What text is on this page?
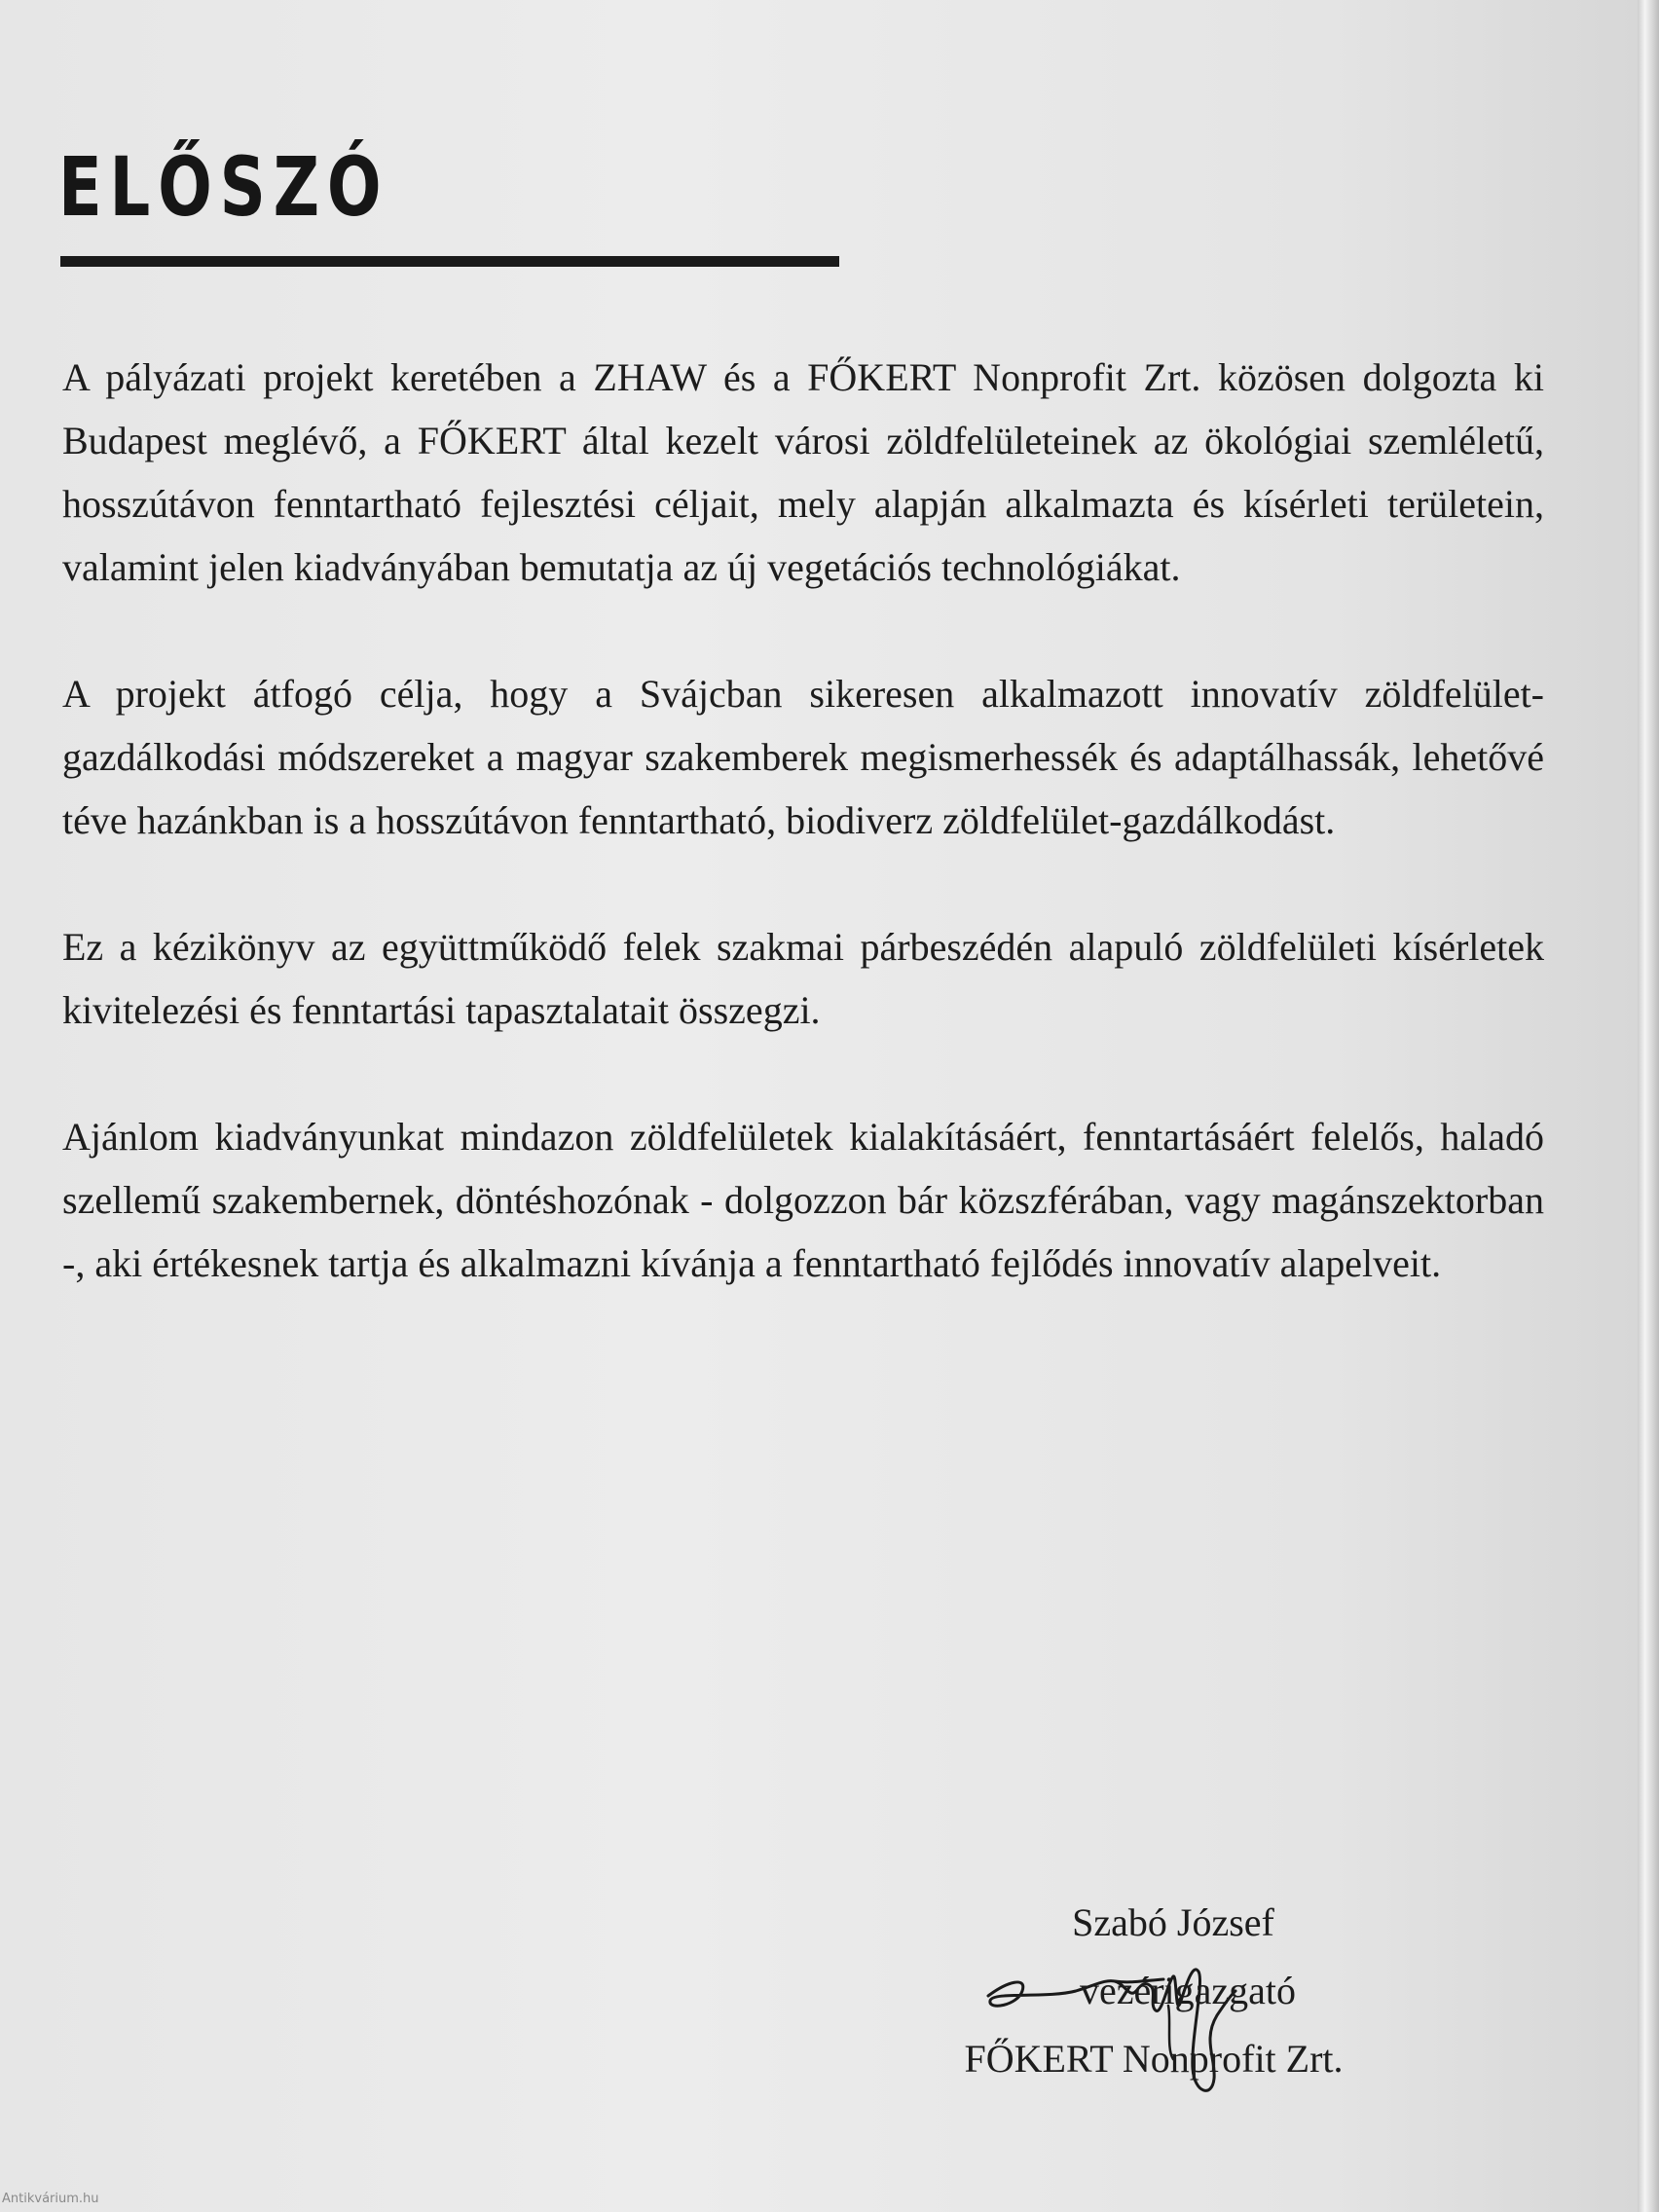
ELŐSZÓ

A pályázati projekt keretében a ZHAW és a FŐKERT Nonprofit Zrt. közösen dolgozta ki Budapest meglévő, a FŐKERT által kezelt városi zöldfelületeinek az ökológiai szemléletű, hosszútávon fenntartható fejlesztési céljait, mely alapján alkalmazta és kísérleti területein, valamint jelen kiadványában bemutatja az új vegetációs technológiákat.

A projekt átfogó célja, hogy a Svájcban sikeresen alkalmazott innovatív zöldfelület-gazdálkodási módszereket a magyar szakemberek megismerhessék és adaptálhassák, lehetővé téve hazánkban is a hosszútávon fenntartható, biodiverz zöldfelület-gazdálkodást.

Ez a kézikönyv az együttműködő felek szakmai párbeszédén alapuló zöldfelületi kísérletek kivitelezési és fenntartási tapasztalatait összegzi.

Ajánlom kiadványunkat mindazon zöldfelületek kialakításáért, fenntartásáért felelős, haladó szellemű szakembernek, döntéshozónak - dolgozzon bár közszférában, vagy magánszektorban -, aki értékesnek tartja és alkalmazni kívánja a fenntartható fejlődés innovatív alapelveit.

Szabó József
vezérigazgató
FŐKERT Nonprofit Zrt.
Antikvárium.hu
